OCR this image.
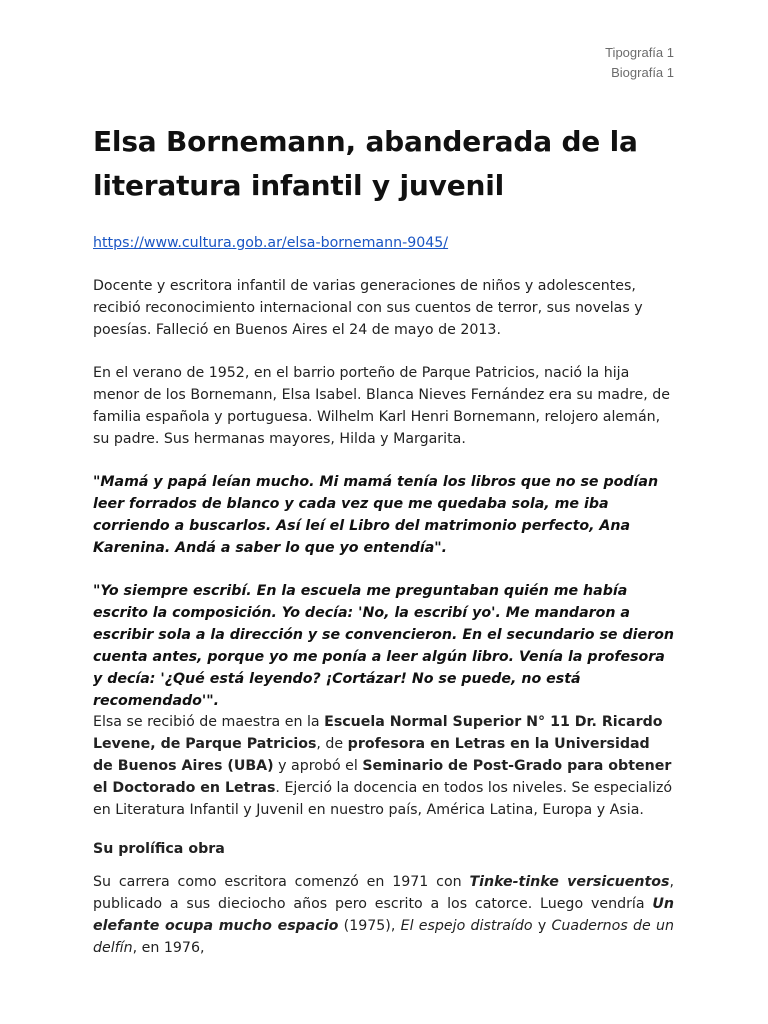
Tipografía 1
Biografía 1
Elsa Bornemann, abanderada de la literatura infantil y juvenil
https://www.cultura.gob.ar/elsa-bornemann-9045/

Docente y escritora infantil de varias generaciones de niños y adolescentes, recibió reconocimiento internacional con sus cuentos de terror, sus novelas y poesías. Falleció en Buenos Aires el 24 de mayo de 2013.

En el verano de 1952, en el barrio porteño de Parque Patricios, nació la hija menor de los Bornemann, Elsa Isabel. Blanca Nieves Fernández era su madre, de familia española y portuguesa. Wilhelm Karl Henri Bornemann, relojero alemán, su padre. Sus hermanas mayores, Hilda y Margarita.

"Mamá y papá leían mucho. Mi mamá tenía los libros que no se podían leer forrados de blanco y cada vez que me quedaba sola, me iba corriendo a buscarlos. Así leí el Libro del matrimonio perfecto, Ana Karenina. Andá a saber lo que yo entendía".

"Yo siempre escribí. En la escuela me preguntaban quién me había escrito la composición. Yo decía: 'No, la escribí yo'. Me mandaron a escribir sola a la dirección y se convencieron. En el secundario se dieron cuenta antes, porque yo me ponía a leer algún libro. Venía la profesora y decía: '¿Qué está leyendo? ¡Cortázar! No se puede, no está recomendado'".

Elsa se recibió de maestra en la Escuela Normal Superior N° 11 Dr. Ricardo Levene, de Parque Patricios, de profesora en Letras en la Universidad de Buenos Aires (UBA) y aprobó el Seminario de Post-Grado para obtener el Doctorado en Letras. Ejerció la docencia en todos los niveles. Se especializó en Literatura Infantil y Juvenil en nuestro país, América Latina, Europa y Asia.

Su prolífica obra

Su carrera como escritora comenzó en 1971 con Tinke-tinke versicuentos, publicado a sus dieciocho años pero escrito a los catorce. Luego vendría Un elefante ocupa mucho espacio (1975), El espejo distraído y Cuadernos de un delfín, en 1976,
